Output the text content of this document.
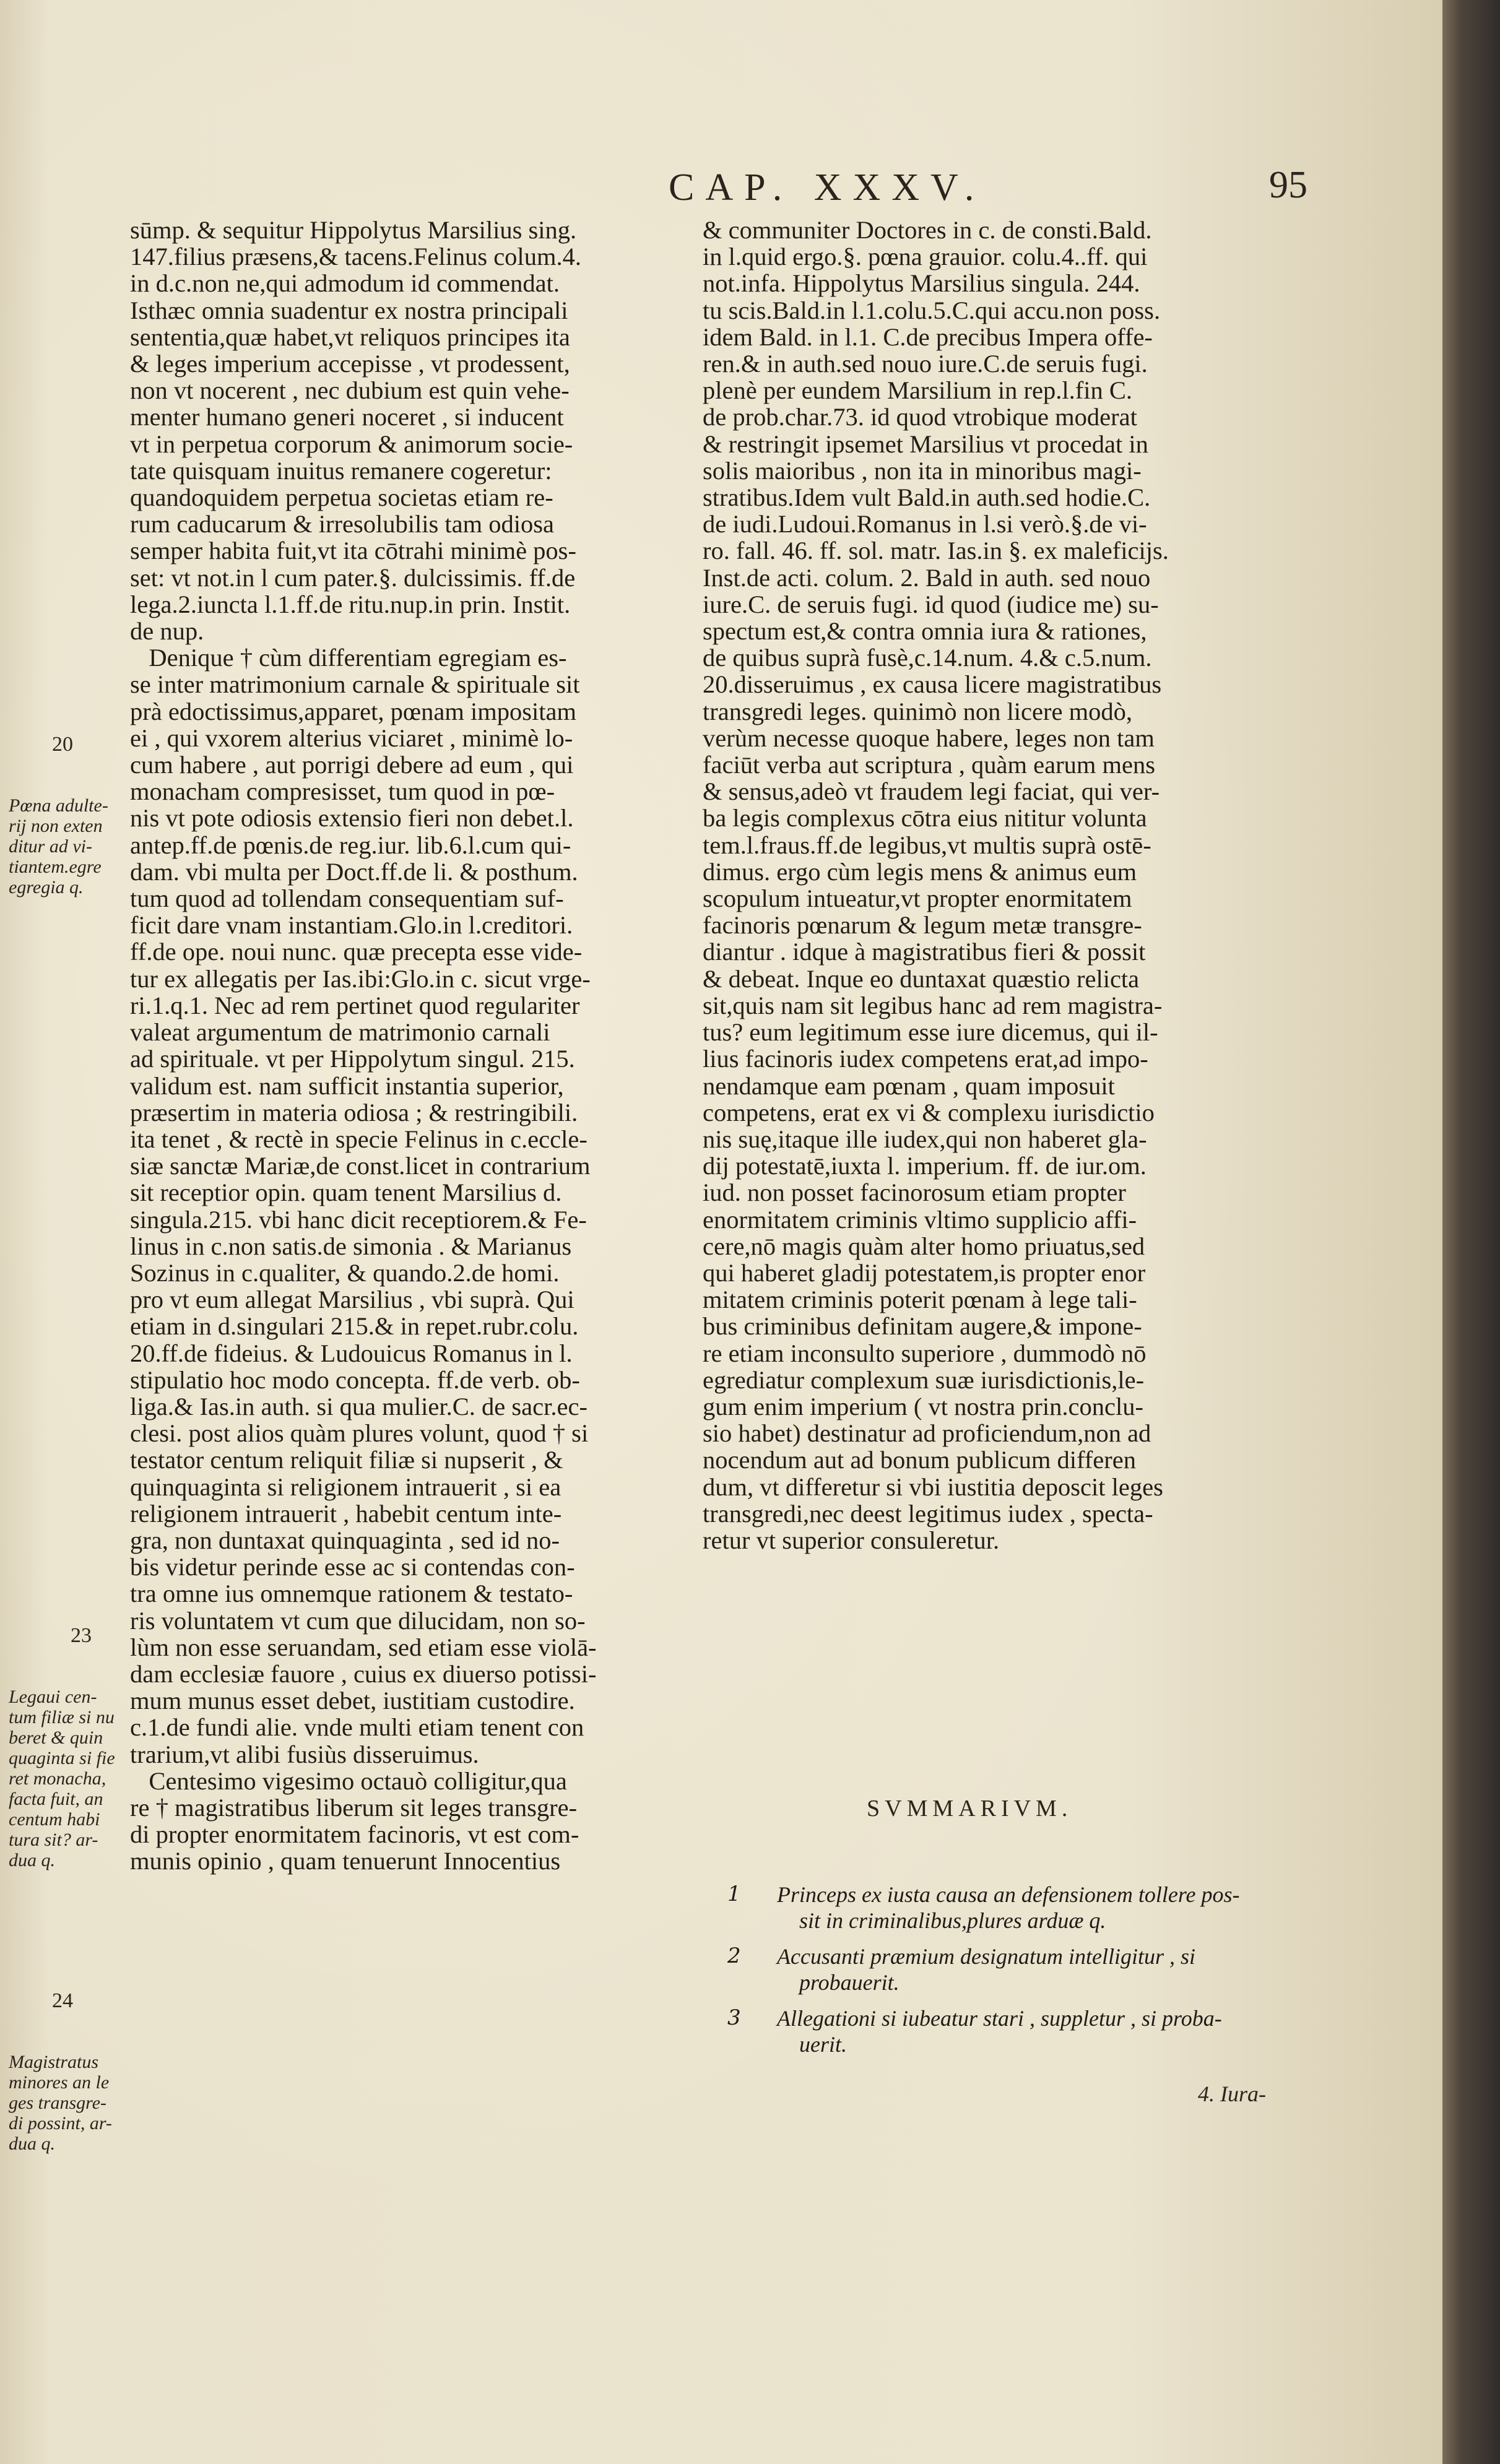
CAP. XXXV.	95
sūmp. & sequitur Hippolytus Marsilius sing.
147.filius præsens,& tacens.Felinus colum.4.
in d.c.non ne,qui admodum id commendat.
Isthæc omnia suadentur ex nostra principali
sententia,quæ habet,vt reliquos principes ita
& leges imperium accepisse , vt prodessent,
non vt nocerent , nec dubium est quin vehe-
menter humano generi noceret , si inducent
vt in perpetua corporum & animorum socie-
tate quisquam inuitus remanere cogeretur:
quandoquidem perpetua societas etiam re-
rum caducarum & irresolubilis tam odiosa
semper habita fuit,vt ita cōtrahi minimè pos-
set: vt not.in l cum pater.§. dulcissimis. ff.de
lega.2.iuncta l.1.ff.de ritu.nup.in prin. Instit.
de nup.
Denique † cùm differentiam egregiam es-
se inter matrimonium carnale & spirituale sit
prà edoctissimus,apparet, pœnam impositam
ei , qui vxorem alterius viciaret , minimè lo-
cum habere , aut porrigi debere ad eum , qui
monacham compresisset, tum quod in pœ-
nis vt pote odiosis extensio fieri non debet.l.
antep.ff.de pœnis.de reg.iur. lib.6.l.cum qui-
dam. vbi multa per Doct.ff.de li. & posthum.
tum quod ad tollendam consequentiam suf-
ficit dare vnam instantiam.Glo.in l.creditori.
ff.de ope. noui nunc. quæ precepta esse vide-
tur ex allegatis per Ias.ibi:Glo.in c. sicut vrge-
ri.1.q.1. Nec ad rem pertinet quod regulariter
valeat argumentum de matrimonio carnali
ad spirituale. vt per Hippolytum singul. 215.
validum est. nam sufficit instantia superior,
præsertim in materia odiosa ; & restringibili.
ita tenet , & rectè in specie Felinus in c.eccle-
siæ sanctæ Mariæ,de const.licet in contrarium
sit receptior opin. quam tenent Marsilius d.
singula.215. vbi hanc dicit receptiorem.& Fe-
linus in c.non satis.de simonia . & Marianus
Sozinus in c.qualiter, & quando.2.de homi.
pro vt eum allegat Marsilius , vbi suprà. Qui
etiam in d.singulari 215.& in repet.rubr.colu.
20.ff.de fideius. & Ludouicus Romanus in l.
stipulatio hoc modo concepta. ff.de verb. ob-
liga.& Ias.in auth. si qua mulier.C. de sacr.ec-
clesi. post alios quàm plures volunt, quod † si
testator centum reliquit filiæ si nupserit , &
quinquaginta si religionem intrauerit , si ea
religionem intrauerit , habebit centum inte-
gra, non duntaxat quinquaginta , sed id no-
bis videtur perinde esse ac si contendas con-
tra omne ius omnemque rationem & testato-
ris voluntatem vt cum que dilucidam, non so-
lùm non esse seruandam, sed etiam esse violā-
dam ecclesiæ fauore , cuius ex diuerso potissi-
mum munus esset debet, iustitiam custodire.
c.1.de fundi alie. vnde multi etiam tenent con
trarium,vt alibi fusiùs disseruimus.
Centesimo vigesimo octauò colligitur,qua
re † magistratibus liberum sit leges transgre-
di propter enormitatem facinoris, vt est com-
munis opinio , quam tenuerunt Innocentius
& communiter Doctores in c. de consti.Bald.
in l.quid ergo.§. pœna grauior. colu.4..ff. qui
not.infa. Hippolytus Marsilius singula. 244.
tu scis.Bald.in l.1.colu.5.C.qui accu.non poss.
idem Bald. in l.1. C.de precibus Impera offe-
ren.& in auth.sed nouo iure.C.de seruis fugi.
plenè per eundem Marsilium in rep.l.fin C.
de prob.char.73. id quod vtrobique moderat
& restringit ipsemet Marsilius vt procedat in
solis maioribus , non ita in minoribus magi-
stratibus.Idem vult Bald.in auth.sed hodie.C.
de iudi.Ludoui.Romanus in l.si verò.§.de vi-
ro. fall. 46. ff. sol. matr. Ias.in §. ex maleficijs.
Inst.de acti. colum. 2. Bald in auth. sed nouo
iure.C. de seruis fugi. id quod (iudice me) su-
spectum est,& contra omnia iura & rationes,
de quibus suprà fusè,c.14.num. 4.& c.5.num.
20.disseruimus , ex causa licere magistratibus
transgredi leges. quinimò non licere modò,
verùm necesse quoque habere, leges non tam
faciūt verba aut scriptura , quàm earum mens
& sensus,adeò vt fraudem legi faciat, qui ver-
ba legis complexus cōtra eius nititur volunta
tem.l.fraus.ff.de legibus,vt multis suprà ostē-
dimus. ergo cùm legis mens & animus eum
scopulum intueatur,vt propter enormitatem
facinoris pœnarum & legum metæ transgre-
diantur . idque à magistratibus fieri & possit
& debeat. Inque eo duntaxat quæstio relicta
sit,quis nam sit legibus hanc ad rem magistra-
tus? eum legitimum esse iure dicemus, qui il-
lius facinoris iudex competens erat,ad impo-
nendamque eam pœnam , quam imposuit
competens, erat ex vi & complexu iurisdictio
nis suę,itaque ille iudex,qui non haberet gla-
dij potestatē,iuxta l. imperium. ff. de iur.om.
iud. non posset facinorosum etiam propter
enormitatem criminis vltimo supplicio affi-
cere,nō magis quàm alter homo priuatus,sed
qui haberet gladij potestatem,is propter enor
mitatem criminis poterit pœnam à lege tali-
bus criminibus definitam augere,& impone-
re etiam inconsulto superiore , dummodò nō
egrediatur complexum suæ iurisdictionis,le-
gum enim imperium ( vt nostra prin.conclu-
sio habet) destinatur ad proficiendum,non ad
nocendum aut ad bonum publicum differen
dum, vt differetur si vbi iustitia deposcit leges
transgredi,nec deest legitimus iudex , specta-
retur vt superior consuleretur.

20

Pœna adulte-
rij non exten
ditur ad vi-
tiantem.egre
egregia q.

23

Legaui cen-
tum filiæ si nu
beret & quin
quaginta si fie
ret monacha,
facta fuit, an
centum habi
tura sit? ar-
dua q.

24

Magistratus
minores an le
ges transgre-
di possint, ar-
dua q.

SVMMARIVM.
1 Princeps ex iusta causa an defensionem tollere pos-
sit in criminalibus,plures arduæ q.
2 Accusanti præmium designatum intelligitur , si
probauerit.
3 Allegationi si iubeatur stari , suppletur , si proba-
uerit.
4. Iura-
